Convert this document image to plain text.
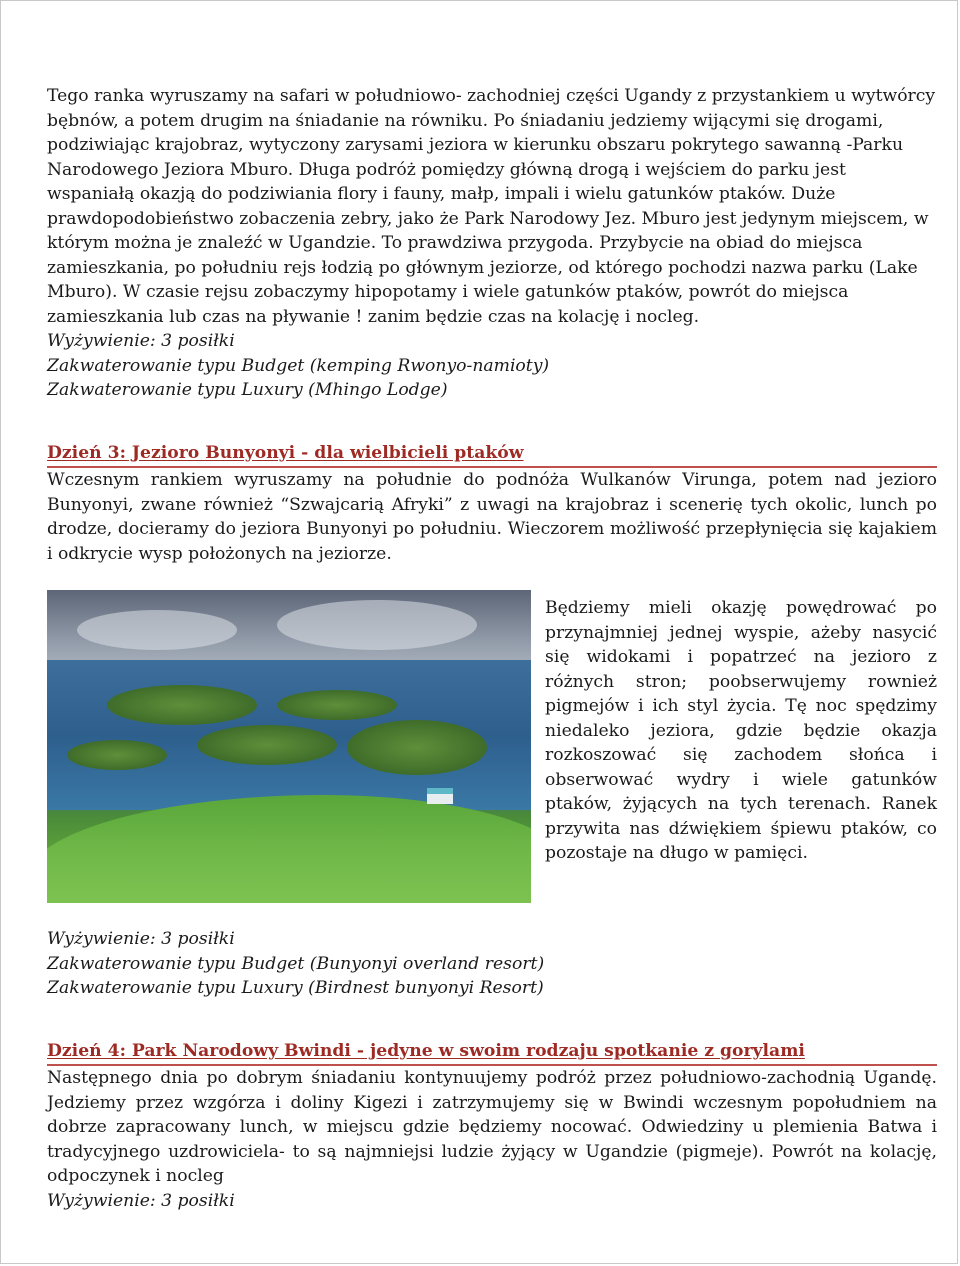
Tego ranka wyruszamy na safari w południowo- zachodniej części Ugandy z przystankiem u wytwórcy bębnów, a potem drugim na śniadanie na równiku. Po śniadaniu jedziemy wijącymi się drogami, podziwiając krajobraz, wytyczony zarysami jeziora w kierunku obszaru pokrytego sawanną -Parku Narodowego Jeziora Mburo. Długa podróż pomiędzy główną drogą i wejściem do parku jest wspaniałą okazją do podziwiania flory i fauny, małp, impali i wielu gatunków ptaków. Duże prawdopodobieństwo zobaczenia zebry, jako że Park Narodowy Jez. Mburo jest jedynym miejscem, w którym można je znaleźć w Ugandzie. To prawdziwa przygoda. Przybycie na obiad do miejsca zamieszkania, po południu rejs łodzią po głównym jeziorze, od którego pochodzi nazwa parku (Lake Mburo). W czasie rejsu zobaczymy hipopotamy i wiele gatunków ptaków, powrót do miejsca zamieszkania lub czas na pływanie ! zanim będzie czas na kolację i nocleg.

Wyżywienie: 3 posiłki
Zakwaterowanie typu Budget (kemping Rwonyo-namioty)
Zakwaterowanie typu Luxury (Mhingo Lodge)
Dzień 3: Jezioro Bunyonyi - dla wielbicieli ptaków

Wczesnym rankiem wyruszamy na południe do podnóża Wulkanów Virunga, potem nad jezioro Bunyonyi, zwane również “Szwajcarią Afryki” z uwagi na krajobraz i scenerię tych okolic, lunch po drodze, docieramy do jeziora Bunyonyi po południu. Wieczorem możliwość przepłynięcia się kajakiem i odkrycie wysp położonych na jeziorze.

Będziemy mieli okazję powędrować po przynajmniej jednej wyspie, ażeby nasycić się widokami i popatrzeć na jezioro z różnych stron; poobserwujemy rownież pigmejów i ich styl życia. Tę noc spędzimy niedaleko jeziora, gdzie będzie okazja rozkoszować się zachodem słońca i obserwować wydry i wiele gatunków ptaków, żyjących na tych terenach. Ranek przywita nas dźwiękiem śpiewu ptaków, co pozostaje na długo w pamięci.

Wyżywienie: 3 posiłki
Zakwaterowanie typu Budget (Bunyonyi overland resort)
Zakwaterowanie typu Luxury (Birdnest bunyonyi Resort)
Dzień 4: Park Narodowy Bwindi - jedyne w swoim rodzaju spotkanie z gorylami

Następnego dnia po dobrym śniadaniu kontynuujemy podróż przez południowo-zachodnią Ugandę. Jedziemy przez wzgórza i doliny Kigezi i zatrzymujemy się w Bwindi wczesnym popołudniem na dobrze zapracowany lunch, w miejscu gdzie będziemy nocować. Odwiedziny u plemienia Batwa i tradycyjnego uzdrowiciela- to są najmniejsi ludzie żyjący w Ugandzie (pigmeje). Powrót na kolację, odpoczynek i nocleg

Wyżywienie: 3 posiłki
